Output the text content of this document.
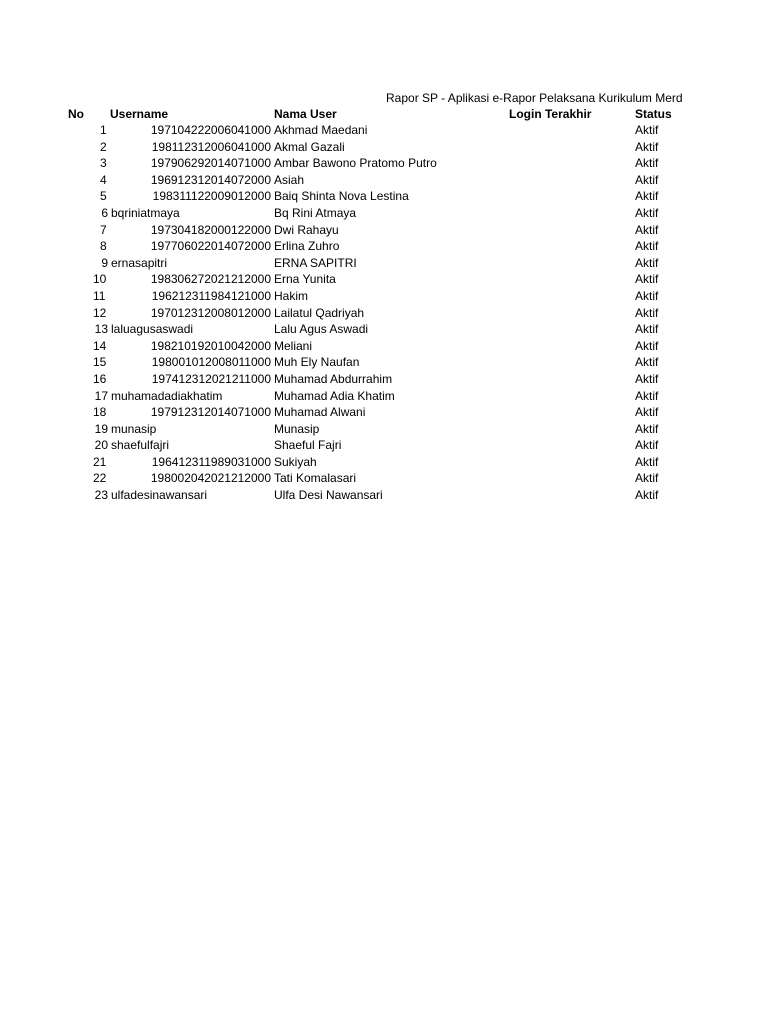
Rapor SP - Aplikasi e-Rapor Pelaksana Kurikulum Merd
No Username	Nama User	Login Terakhir	Status
1	197104222006041000 Akhmad Maedani	Aktif
2	198112312006041000 Akmal Gazali	Aktif
3	197906292014071000 Ambar Bawono Pratomo Putro	Aktif
4	196912312014072000 Asiah	Aktif
5	198311122009012000 Baiq Shinta Nova Lestina	Aktif
6 bqriniatmaya	Bq Rini Atmaya	Aktif
7	197304182000122000 Dwi Rahayu	Aktif
8	197706022014072000 Erlina Zuhro	Aktif
9 ernasapitri	ERNA SAPITRI	Aktif
10	198306272021212000 Erna Yunita	Aktif
11	196212311984121000 Hakim	Aktif
12	197012312008012000 Lailatul Qadriyah	Aktif
13 laluagusaswadi	Lalu Agus Aswadi	Aktif
14	198210192010042000 Meliani	Aktif
15	198001012008011000 Muh Ely Naufan	Aktif
16	197412312021211000 Muhamad Abdurrahim	Aktif
17 muhamadadiakhatim	Muhamad Adia Khatim	Aktif
18	197912312014071000 Muhamad Alwani	Aktif
19 munasip	Munasip	Aktif
20 shaefulfajri	Shaeful Fajri	Aktif
21	196412311989031000 Sukiyah	Aktif
22	198002042021212000 Tati Komalasari	Aktif
23 ulfadesinawansari	Ulfa Desi Nawansari	Aktif
